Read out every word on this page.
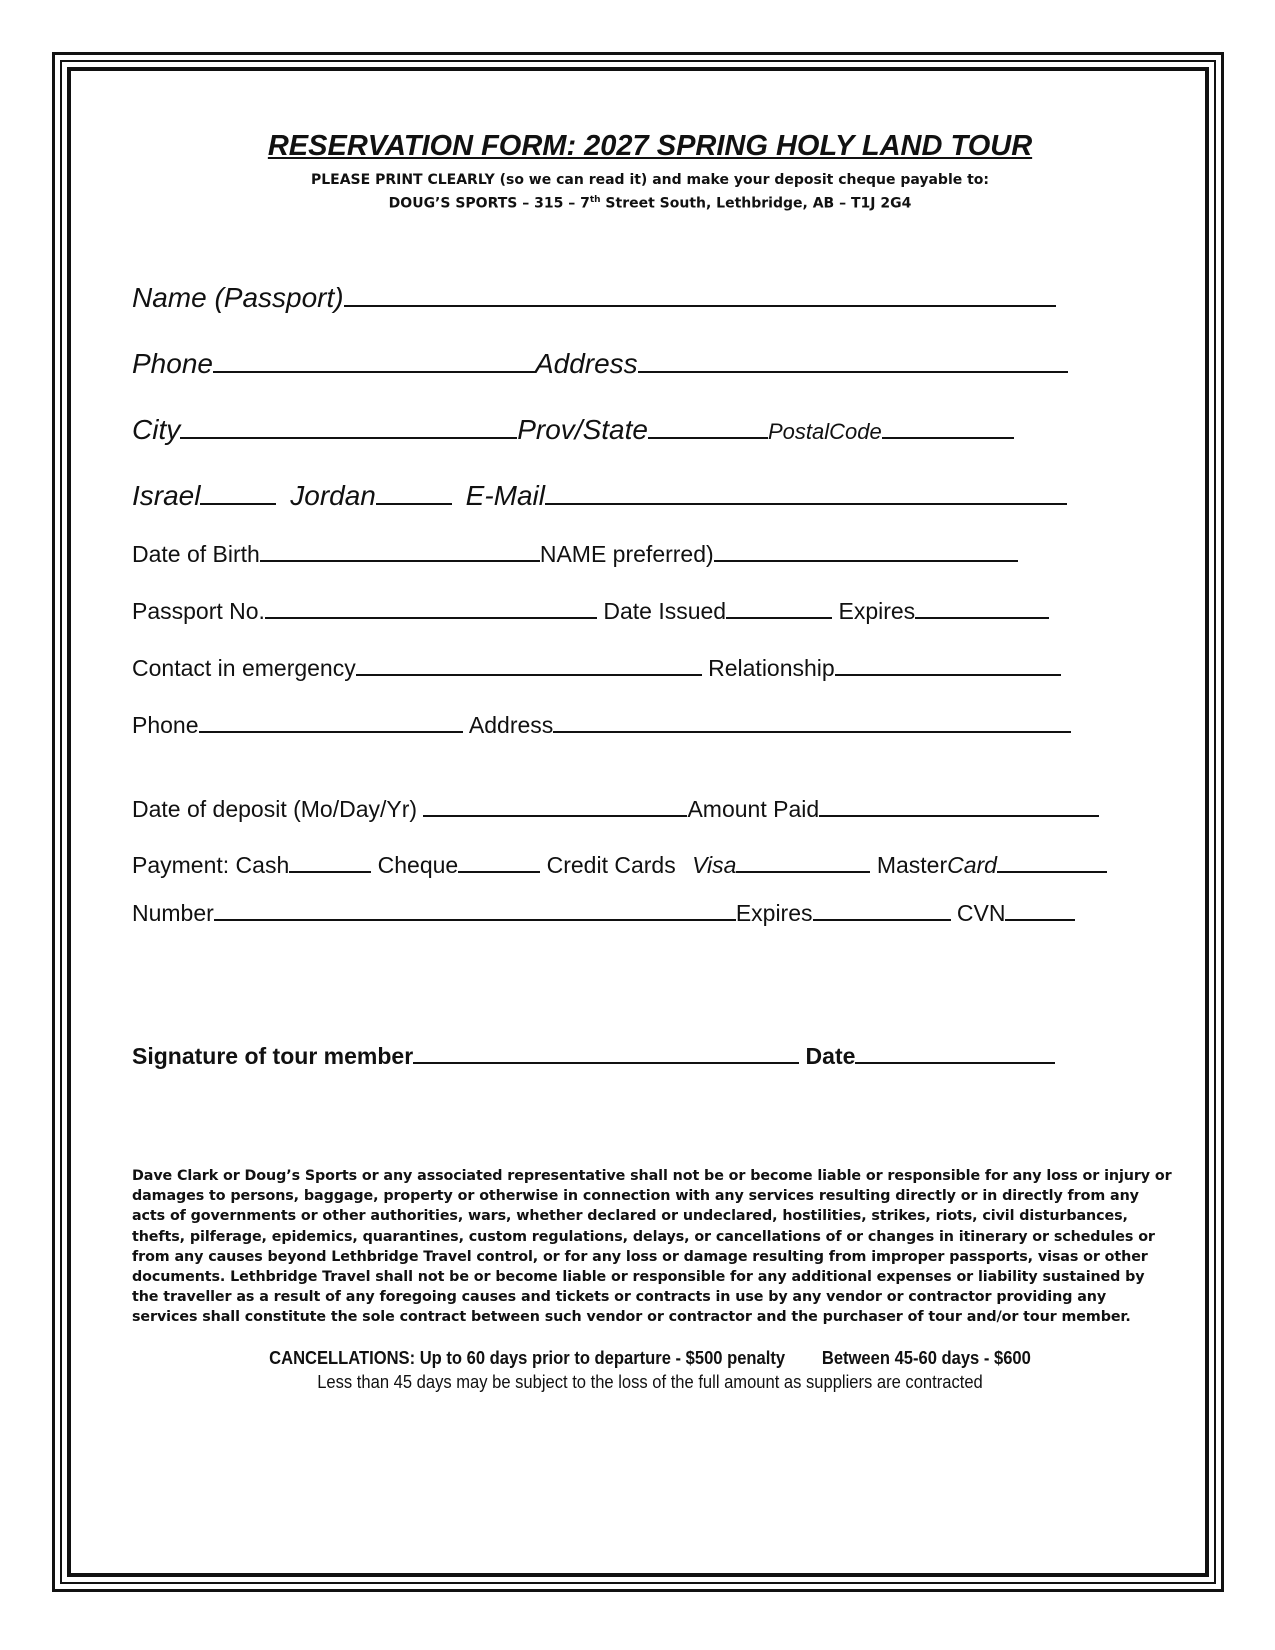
RESERVATION FORM: 2027 SPRING HOLY LAND TOUR
PLEASE PRINT CLEARLY (so we can read it) and make your deposit cheque payable to:
DOUG’S SPORTS – 315 – 7th Street South, Lethbridge, AB – T1J 2G4
Name (Passport)
Phone	Address
City	Prov/State	PostalCode
Israel	Jordan	E-Mail
Date of Birth	NAME preferred)
Passport No.	Date Issued	Expires
Contact in emergency	Relationship
Phone	Address
Date of deposit (Mo/Day/Yr)	Amount Paid
Payment: Cash	Cheque	Credit Cards Visa	MasterCard
Number	Expires	CVN
Signature of tour member	Date
Dave Clark or Doug’s Sports or any associated representative shall not be or become liable or responsible for any loss or injury or damages to persons, baggage, property or otherwise in connection with any services resulting directly or in directly from any acts of governments or other authorities, wars, whether declared or undeclared, hostilities, strikes, riots, civil disturbances, thefts, pilferage, epidemics, quarantines, custom regulations, delays, or cancellations of or changes in itinerary or schedules or from any causes beyond Lethbridge Travel control, or for any loss or damage resulting from improper passports, visas or other documents. Lethbridge Travel shall not be or become liable or responsible for any additional expenses or liability sustained by the traveller as a result of any foregoing causes and tickets or contracts in use by any vendor or contractor providing any services shall constitute the sole contract between such vendor or contractor and the purchaser of tour and/or tour member.
CANCELLATIONS: Up to 60 days prior to departure - $500 penalty Between 45-60 days - $600
Less than 45 days may be subject to the loss of the full amount as suppliers are contracted
